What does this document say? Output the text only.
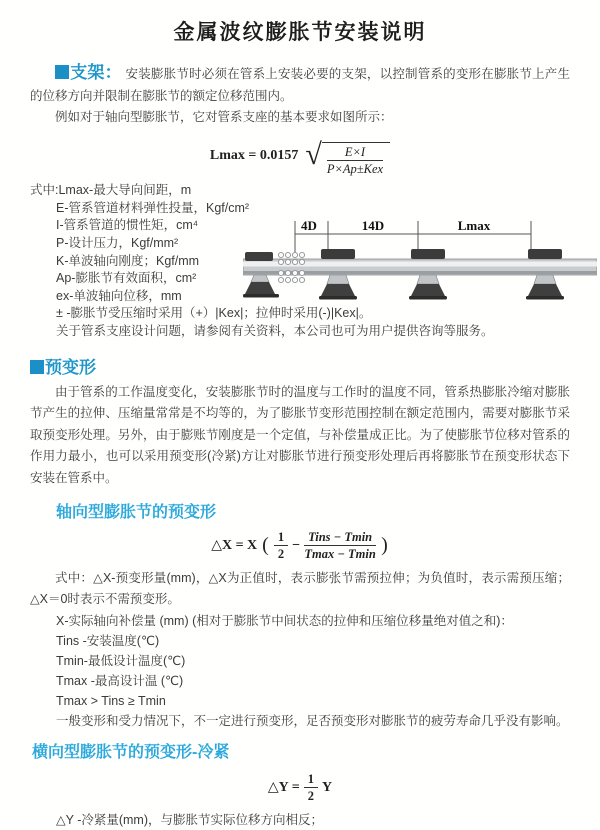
金属波纹膨胀节安装说明

支架： 安装膨胀节时必须在管系上安装必要的支架，以控制管系的变形在膨胀节上产生的位移方向并限制在膨胀节的额定位移范围内。

例如对于轴向型膨胀节，它对管系支座的基本要求如图所示：

Lmax = 0.0157 √ $\frac{E\times I}{\text{P×Ap±Kex}}$
式中:Lmax-最大导向间距，m
E-管系管道材料弹性投量，Kgf/cm²
I-管系管道的惯性矩，cm⁴
P-设计压力，Kgf/mm²
K-单波轴向刚度；Kgf/mm
Ap-膨胀节有效面积，cm²
ex-单波轴向位移，mm
± -膨胀节受压缩时采用（+）|Kex|；拉伸时采用(-)|Kex|。
关于管系支座设计问题，请参阅有关资料，本公司也可为用户提供咨询等服务。
4D	14D	Lmax
预变形

由于管系的工作温度变化，安装膨胀节时的温度与工作时的温度不同，管系热膨胀冷缩对膨胀节产生的拉伸、压缩量常常是不均等的，为了膨胀节变形范围控制在额定范围内，需要对膨胀节采取预变形处理。另外，由于膨账节刚度是一个定值，与补偿量成正比。为了使膨胀节位移对管系的作用力最小，也可以采用预变形(冷紧)方让对膨胀节进行预变形处理后再将膨胀节在预变形状态下安装在管系中。

轴向型膨胀节的预变形
△X = X ( $\frac{1}{2} - \frac{\text{Tins − Tmin}}{Tmax - Tmin}$ )

式中：△X-预变形量(mm)，△X为正值时，表示膨张节需预拉伸；为负值时，表示需预压缩；△X＝0时表示不需预变形。

X-实际轴向补偿量 (mm) (相对于膨胀节中间状态的拉伸和压缩位移量绝对值之和)：
Tins -安装温度(℃)
Tmin-最低设计温度(℃)
Tmax -最高设计温 (℃)
Tmax > Tins ≥ Tmin
一般变形和受力情况下，不一定进行预变形，足否预变形对膨胀节的疲劳寿命几乎没有影响。
横向型膨胀节的预变形-冷紧
△Y = $\frac{1}{2}$ Y
△Y -冷紧量(mm)，与膨胀节实际位移方向相反；
